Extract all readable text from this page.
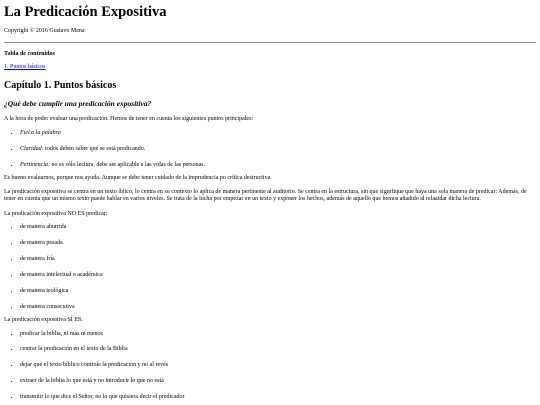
La Predicación Expositiva

Copyright © 2016 Gustavo Mena

Tabla de contenidos

1. Puntos básicos
Capítulo 1. Puntos básicos
¿Qué debe cumplir una predicación expositiva?

A la hora de poder evaluar una predicación. Hemos de tener en cuenta los siguientes puntos principales:

• Fiel a la palabra
• Claridad: todos deben saber qué se está predicando.
• Pertinencia: no es sólo lectura, debe ser aplicable a las vidas de las personas.

Es bueno evaluarnos, porque nos ayuda. Aunque se debe tener cuidado de la imprudencia po crítica destructiva.

La predicación expositiva se centra en un texto íblico, lo centra en su contexto lo aplica de manera pertinente al auditorio. Se centra en la estructura, sin que signifique que haya una sola manera de predicar: Además, de tener en cuenta que un mismo texto puede hablar en varios niveles. Se trata de la lucha por empezar en un texto y exponer los hechos, además de aquello que hemos añadido al relaatdar dicha lectura.

La predicación expositiva NO ES predicar:

• de manera aburrida
• de manera pesada
• de manera fría
• de manera intelectual o académica
• de manera teológica
• de manera consecutiva

La predicación expositiva SÍ ES:

• predicar la biblia, ni más ni menos
• centrar la predicación en el texto de la Biblia
• dejar que el texto bíblico controle la predicación y no al revés
• extraer de la biblia lo que está y no introducir lo que no está
• transmitir lo que dice el Señor, no lo que quisiera decir el predicador
